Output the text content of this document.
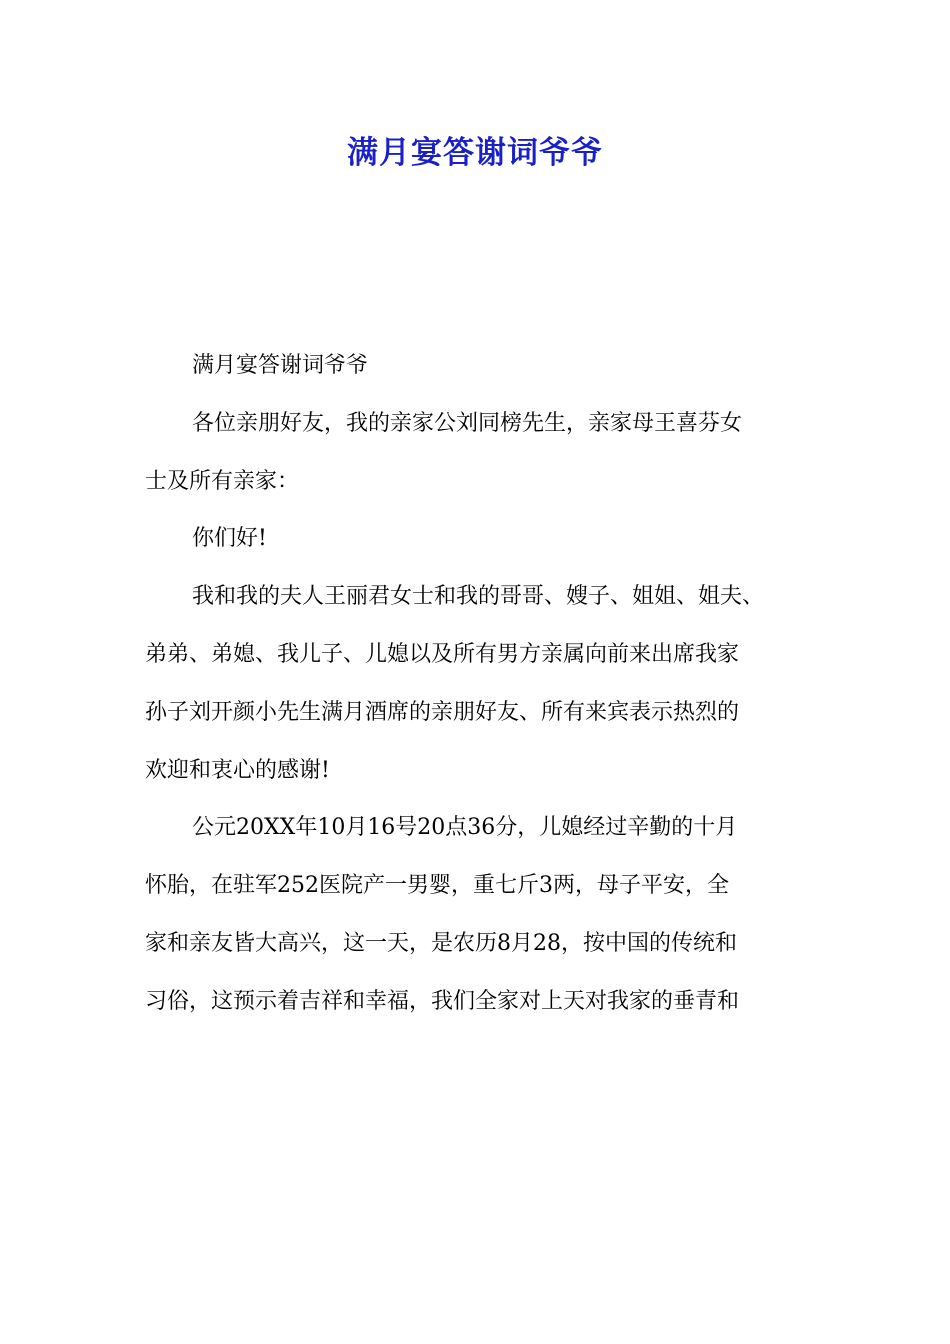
满月宴答谢词爷爷

满月宴答谢词爷爷

各位亲朋好友，我的亲家公刘同榜先生，亲家母王喜芬女
士及所有亲家：

你们好!

我和我的夫人王丽君女士和我的哥哥、嫂子、姐姐、姐夫、
弟弟、弟媳、我儿子、儿媳以及所有男方亲属向前来出席我家
孙子刘开颜小先生满月酒席的亲朋好友、所有来宾表示热烈的
欢迎和衷心的感谢!

公元20XX年10月16号20点36分，儿媳经过辛勤的十月
怀胎，在驻军252医院产一男婴，重七斤3两，母子平安，全
家和亲友皆大高兴，这一天，是农历8月28，按中国的传统和
习俗，这预示着吉祥和幸福，我们全家对上天对我家的垂青和
